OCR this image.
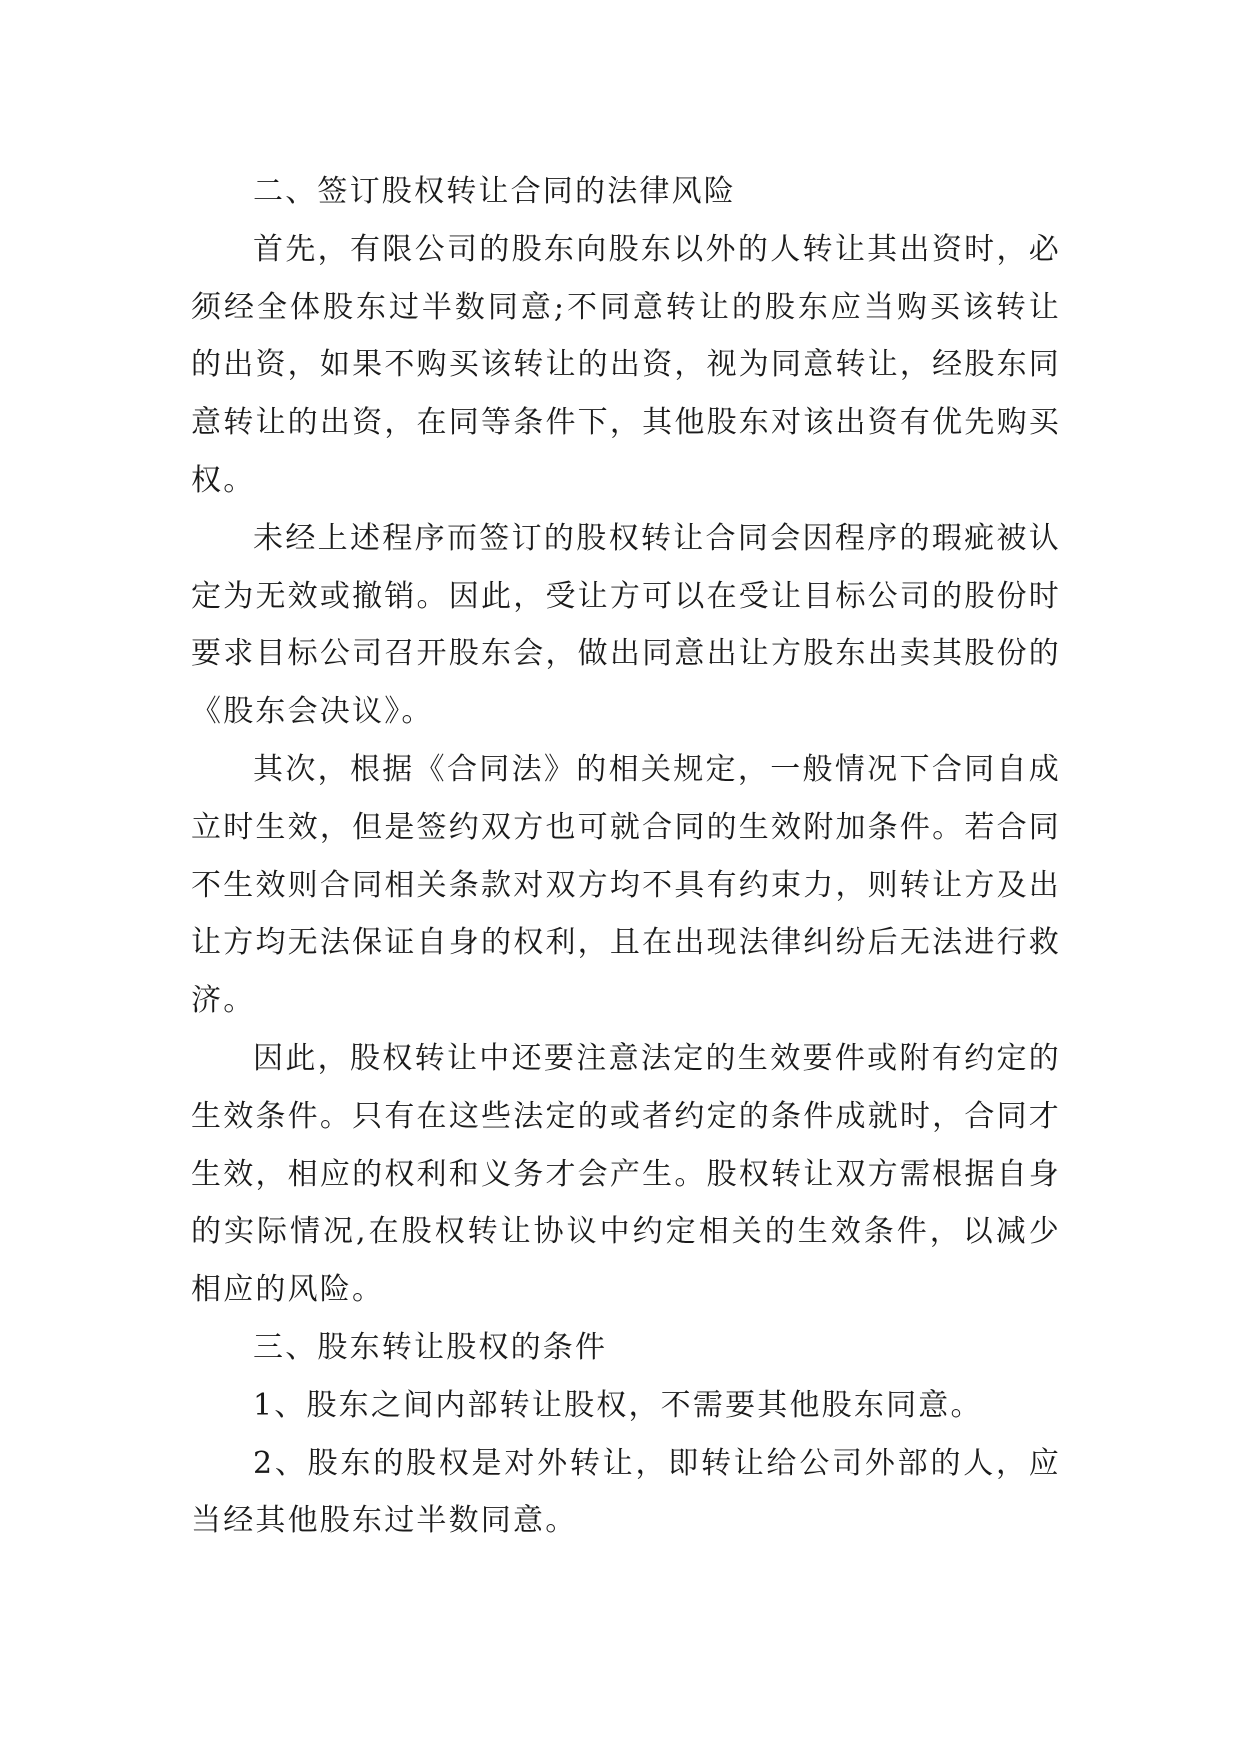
二、签订股权转让合同的法律风险

首先，有限公司的股东向股东以外的人转让其出资时，必须经全体股东过半数同意;不同意转让的股东应当购买该转让的出资，如果不购买该转让的出资，视为同意转让，经股东同意转让的出资，在同等条件下，其他股东对该出资有优先购买权。

未经上述程序而签订的股权转让合同会因程序的瑕疵被认定为无效或撤销。因此，受让方可以在受让目标公司的股份时要求目标公司召开股东会，做出同意出让方股东出卖其股份的《股东会决议》。

其次，根据《合同法》的相关规定，一般情况下合同自成立时生效，但是签约双方也可就合同的生效附加条件。若合同不生效则合同相关条款对双方均不具有约束力，则转让方及出让方均无法保证自身的权利，且在出现法律纠纷后无法进行救济。

因此，股权转让中还要注意法定的生效要件或附有约定的生效条件。只有在这些法定的或者约定的条件成就时，合同才生效，相应的权利和义务才会产生。股权转让双方需根据自身的实际情况,在股权转让协议中约定相关的生效条件，以减少相应的风险。

三、股东转让股权的条件

1、股东之间内部转让股权，不需要其他股东同意。

2、股东的股权是对外转让，即转让给公司外部的人，应当经其他股东过半数同意。
